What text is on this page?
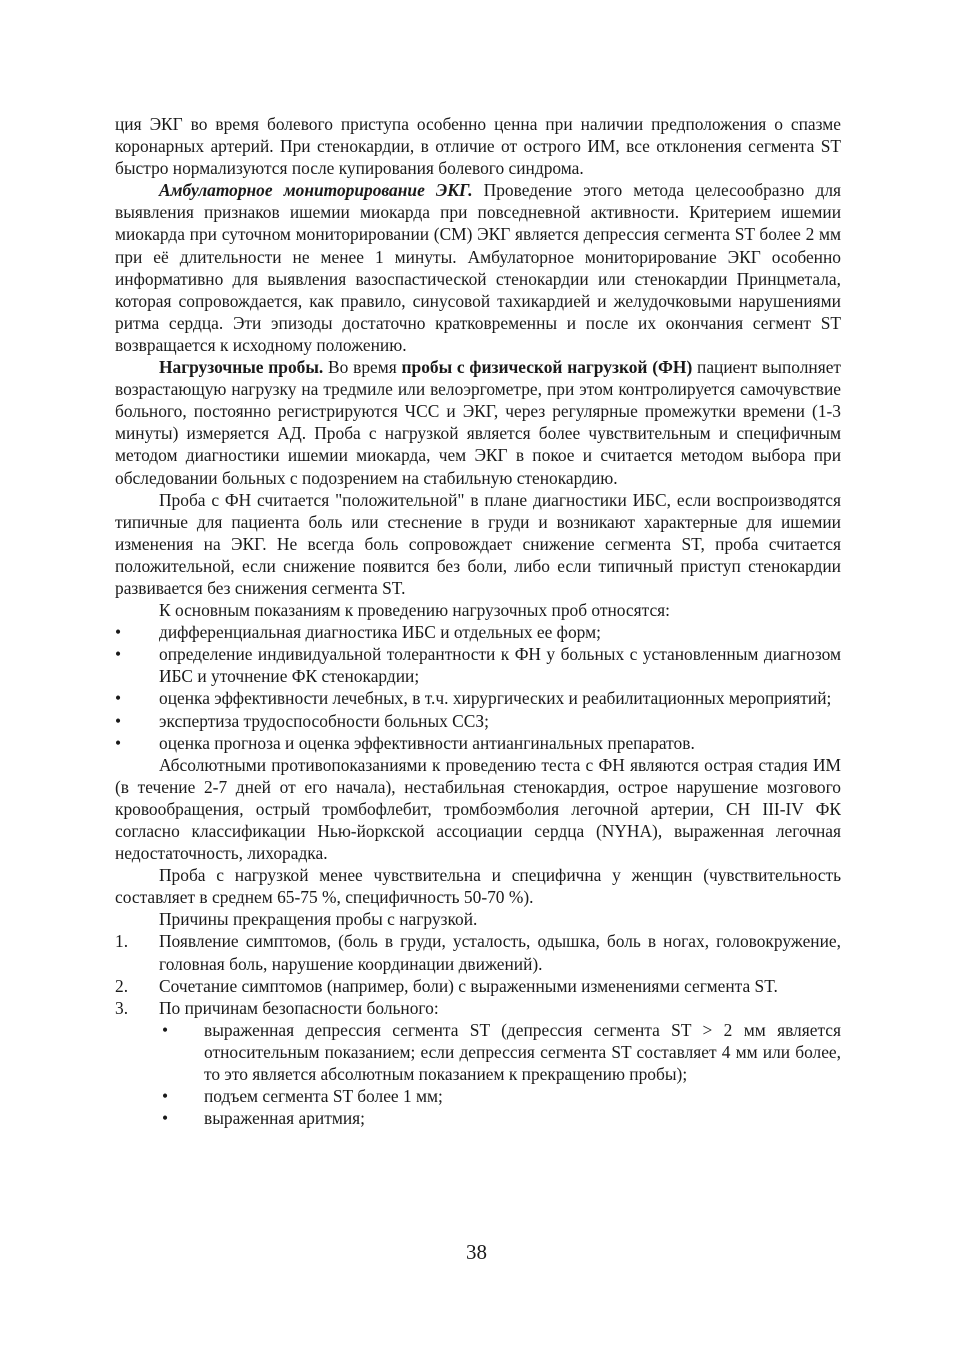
ция ЭКГ во время болевого приступа особенно ценна при наличии предположения о спазме коронарных артерий. При стенокардии, в отличие от острого ИМ, все отклонения сегмента ST быстро нормализуются после купирования болевого синдрома.

Амбулаторное мониторирование ЭКГ. Проведение этого метода целесообразно для выявления признаков ишемии миокарда при повседневной активности. Критерием ишемии миокарда при суточном мониторировании (СМ) ЭКГ является депрессия сегмента ST более 2 мм при её длительности не менее 1 минуты. Амбулаторное мониторирование ЭКГ особенно информативно для выявления вазоспастической стенокардии или стенокардии Принцметала, которая сопровождается, как правило, синусовой тахикардией и желудочковыми нарушениями ритма сердца. Эти эпизоды достаточно кратковременны и после их окончания сегмент ST возвращается к исходному положению.

Нагрузочные пробы. Во время пробы с физической нагрузкой (ФН) пациент выполняет возрастающую нагрузку на тредмиле или велоэргометре, при этом контролируется самочувствие больного, постоянно регистрируются ЧСС и ЭКГ, через регулярные промежутки времени (1-3 минуты) измеряется АД. Проба с нагрузкой является более чувствительным и специфичным методом диагностики ишемии миокарда, чем ЭКГ в покое и считается методом выбора при обследовании больных с подозрением на стабильную стенокардию.

Проба с ФН считается "положительной" в плане диагностики ИБС, если воспроизводятся типичные для пациента боль или стеснение в груди и возникают характерные для ишемии изменения на ЭКГ. Не всегда боль сопровождает снижение сегмента ST, проба считается положительной, если снижение появится без боли, либо если типичный приступ стенокардии развивается без снижения сегмента ST.

К основным показаниям к проведению нагрузочных проб относятся:

• дифференциальная диагностика ИБС и отдельных ее форм;

• определение индивидуальной толерантности к ФН у больных с установленным диагнозом ИБС и уточнение ФК стенокардии;

• оценка эффективности лечебных, в т.ч. хирургических и реабилитационных мероприятий;

• экспертиза трудоспособности больных ССЗ;

• оценка прогноза и оценка эффективности антиангинальных препаратов.

Абсолютными противопоказаниями к проведению теста с ФН являются острая стадия ИМ (в течение 2-7 дней от его начала), нестабильная стенокардия, острое нарушение мозгового кровообращения, острый тромбофлебит, тромбоэмболия легочной артерии, СН III-IV ФК согласно классификации Нью-йоркской ассоциации сердца (NYHA), выраженная легочная недостаточность, лихорадка.

Проба с нагрузкой менее чувствительна и специфична у женщин (чувствительность составляет в среднем 65-75 %, специфичность 50-70 %).

Причины прекращения пробы с нагрузкой.

1. Появление симптомов, (боль в груди, усталость, одышка, боль в ногах, головокружение, головная боль, нарушение координации движений).

2. Сочетание симптомов (например, боли) с выраженными изменениями сегмента ST.

3. По причинам безопасности больного:

• выраженная депрессия сегмента ST (депрессия сегмента ST > 2 мм является относительным показанием; если депрессия сегмента ST составляет 4 мм или более, то это является абсолютным показанием к прекращению пробы);

• подъем сегмента ST более 1 мм;

• выраженная аритмия;

38
